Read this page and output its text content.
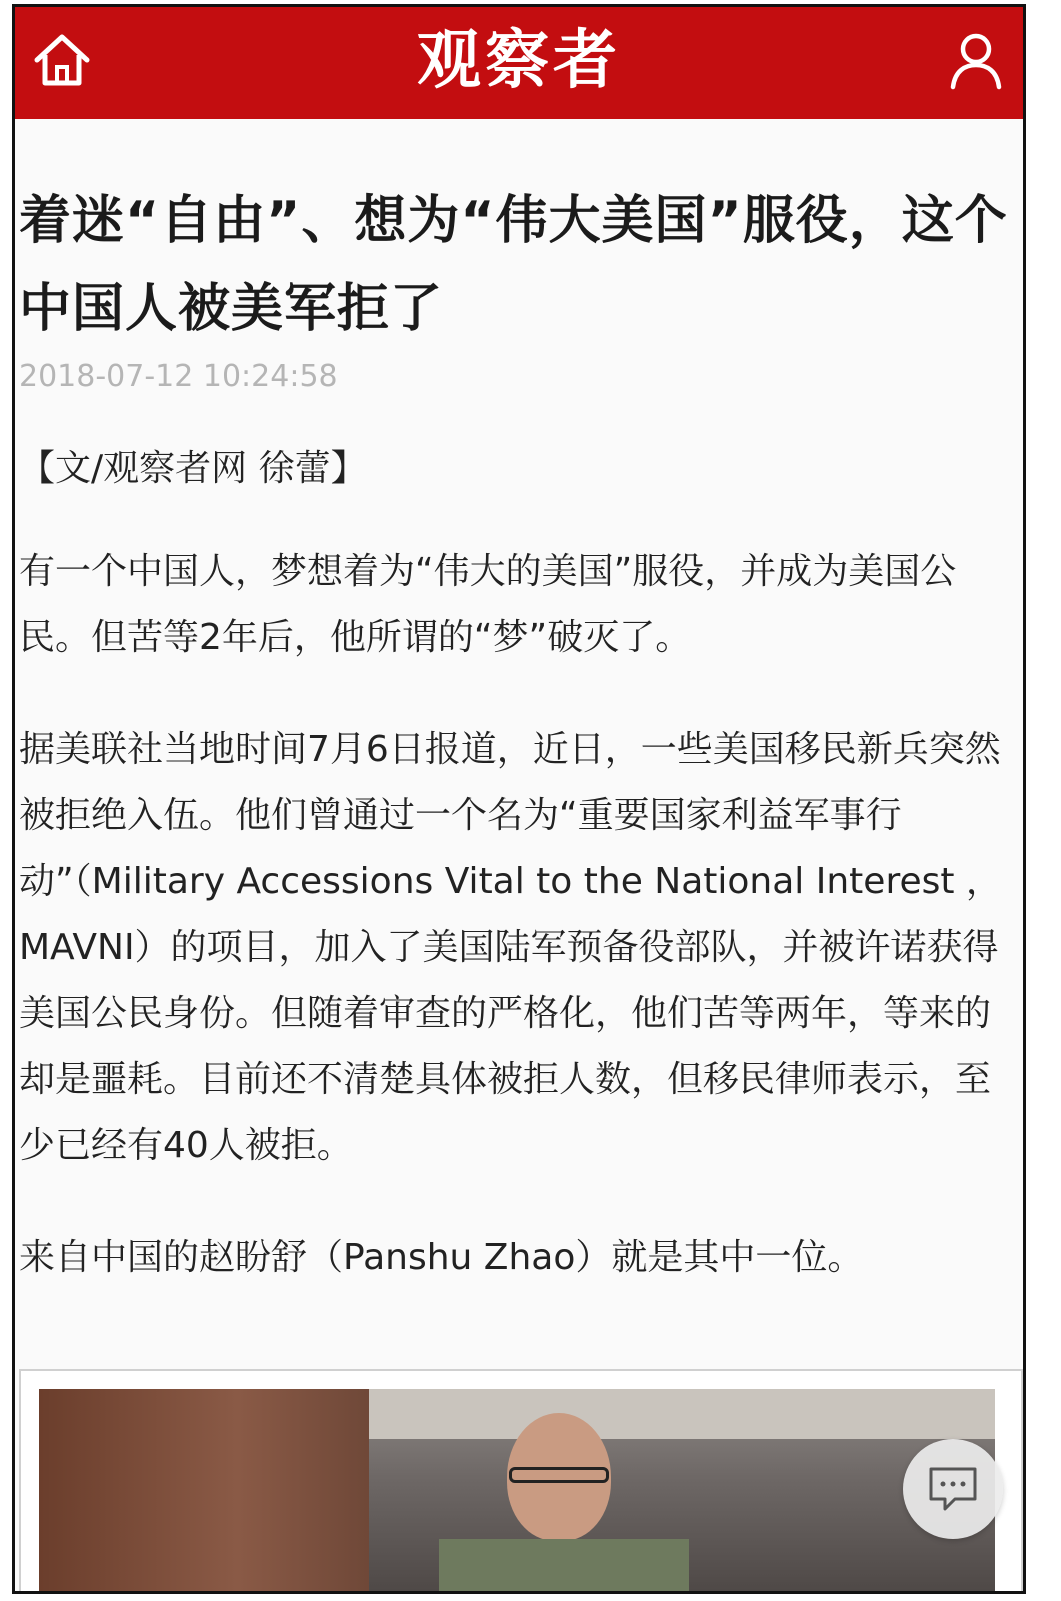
观察者
着迷“自由”、想为“伟大美国”服役，这个中国人被美军拒了
2018-07-12 10:24:58
【文/观察者网 徐蕾】

有一个中国人，梦想着为“伟大的美国”服役，并成为美国公民。但苦等2年后，他所谓的“梦”破灭了。

据美联社当地时间7月6日报道，近日，一些美国移民新兵突然被拒绝入伍。他们曾通过一个名为“重要国家利益军事行动”（Military Accessions Vital to the National Interest ，MAVNI）的项目，加入了美国陆军预备役部队，并被许诺获得美国公民身份。但随着审查的严格化，他们苦等两年，等来的却是噩耗。目前还不清楚具体被拒人数，但移民律师表示，至少已经有40人被拒。

来自中国的赵盼舒（Panshu Zhao）就是其中一位。
